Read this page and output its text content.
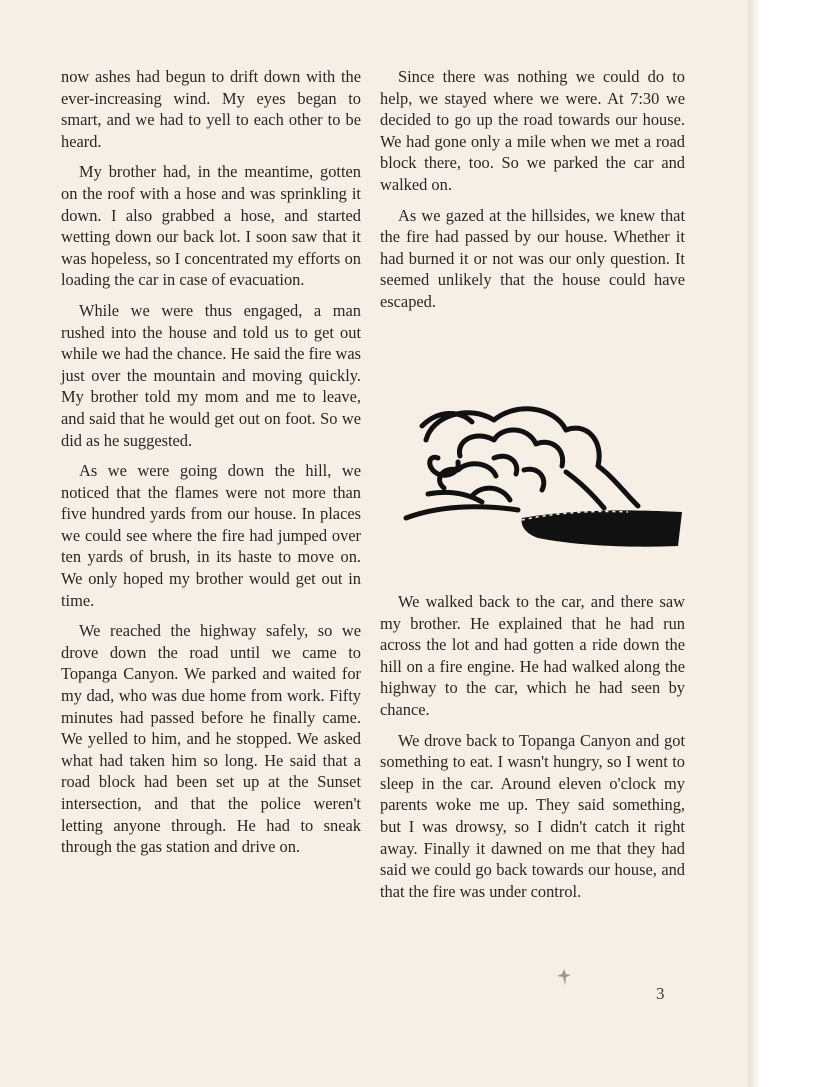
now ashes had begun to drift down with the ever-increasing wind. My eyes began to smart, and we had to yell to each other to be heard.

My brother had, in the meantime, gotten on the roof with a hose and was sprinkling it down. I also grabbed a hose, and started wetting down our back lot. I soon saw that it was hopeless, so I concentrated my efforts on loading the car in case of evacuation.

While we were thus engaged, a man rushed into the house and told us to get out while we had the chance. He said the fire was just over the mountain and moving quickly. My brother told my mom and me to leave, and said that he would get out on foot. So we did as he suggested.

As we were going down the hill, we noticed that the flames were not more than five hundred yards from our house. In places we could see where the fire had jumped over ten yards of brush, in its haste to move on. We only hoped my brother would get out in time.

We reached the highway safely, so we drove down the road until we came to Topanga Canyon. We parked and waited for my dad, who was due home from work. Fifty minutes had passed before he finally came. We yelled to him, and he stopped. We asked what had taken him so long. He said that a road block had been set up at the Sunset intersection, and that the police weren't letting anyone through. He had to sneak through the gas station and drive on.

Since there was nothing we could do to help, we stayed where we were. At 7:30 we decided to go up the road towards our house. We had gone only a mile when we met a road block there, too. So we parked the car and walked on.

As we gazed at the hillsides, we knew that the fire had passed by our house. Whether it had burned it or not was our only question. It seemed unlikely that the house could have escaped.

We walked back to the car, and there saw my brother. He explained that he had run across the lot and had gotten a ride down the hill on a fire engine. He had walked along the highway to the car, which he had seen by chance.

We drove back to Topanga Canyon and got something to eat. I wasn't hungry, so I went to sleep in the car. Around eleven o'clock my parents woke me up. They said something, but I was drowsy, so I didn't catch it right away. Finally it dawned on me that they had said we could go back towards our house, and that the fire was under control.

3
